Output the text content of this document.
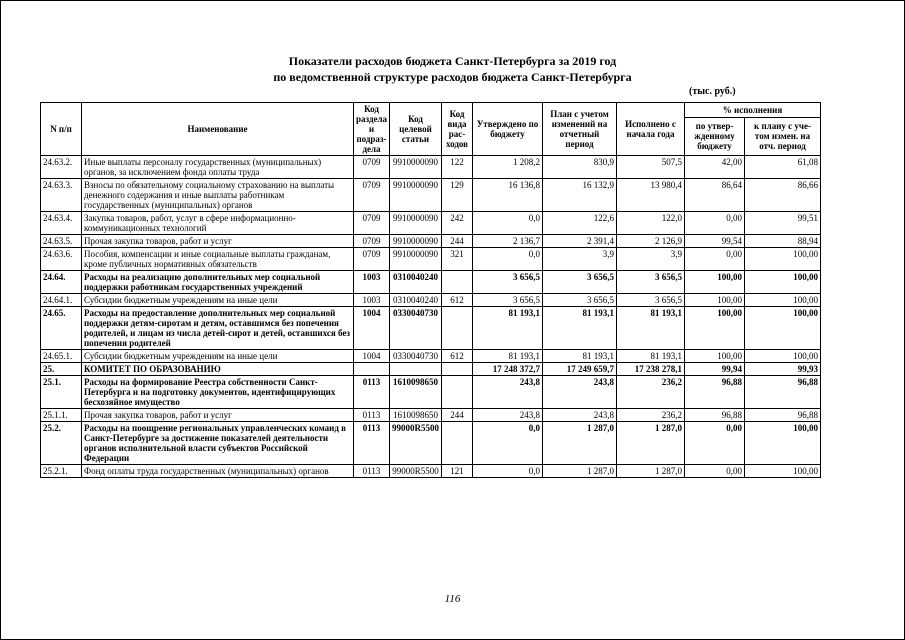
Показатели расходов бюджета Санкт-Петербурга за 2019 год
по ведомственной структуре расходов бюджета Санкт-Петербурга
(тыс. руб.)
N п/п	Наименование	Код раздела и подраз-дела	Код целевой статьи	Код вида рас-ходов	Утверждено по бюджету	План с учетом изменений на отчетный период	Исполнено с начала года	% исполнения	
								по утвер-жденному бюджету	к плану с уче-том измен. на отч. период
24.63.2.	Иные выплаты персоналу государственных (муниципальных) органов, за исключением фонда оплаты труда	0709	9910000090	122	1 208,2	830,9	507,5	42,00	61,08
24.63.3.	Взносы по обязательному социальному страхованию на выплаты денежного содержания и иные выплаты работникам государственных (муниципальных) органов	0709	9910000090	129	16 136,8	16 132,9	13 980,4	86,64	86,66
24.63.4.	Закупка товаров, работ, услуг в сфере информационно-коммуникационных технологий	0709	9910000090	242	0,0	122,6	122,0	0,00	99,51
24.63.5.	Прочая закупка товаров, работ и услуг	0709	9910000090	244	2 136,7	2 391,4	2 126,9	99,54	88,94
24.63.6.	Пособия, компенсации и иные социальные выплаты гражданам, кроме публичных нормативных обязательств	0709	9910000090	321	0,0	3,9	3,9	0,00	100,00
24.64.	Расходы на реализацию дополнительных мер социальной поддержки работникам государственных учреждений	1003	0310040240		3 656,5	3 656,5	3 656,5	100,00	100,00
24.64.1.	Субсидии бюджетным учреждениям на иные цели	1003	0310040240	612	3 656,5	3 656,5	3 656,5	100,00	100,00
24.65.	Расходы на предоставление дополнительных мер социальной поддержки детям-сиротам и детям, оставшимся без попечения родителей, и лицам из числа детей-сирот и детей, оставшихся без попечения родителей	1004	0330040730		81 193,1	81 193,1	81 193,1	100,00	100,00
24.65.1.	Субсидии бюджетным учреждениям на иные цели	1004	0330040730	612	81 193,1	81 193,1	81 193,1	100,00	100,00
25.	КОМИТЕТ ПО ОБРАЗОВАНИЮ				17 248 372,7	17 249 659,7	17 238 278,1	99,94	99,93
25.1.	Расходы на формирование Реестра собственности Санкт-Петербурга и на подготовку документов, идентифицирующих бесхозяйное имущество	0113	1610098650		243,8	243,8	236,2	96,88	96,88
25.1.1.	Прочая закупка товаров, работ и услуг	0113	1610098650	244	243,8	243,8	236,2	96,88	96,88
25.2.	Расходы на поощрение региональных управленческих команд в Санкт-Петербурге за достижение показателей деятельности органов исполнительной власти субъектов Российской Федерации	0113	99000R5500		0,0	1 287,0	1 287,0	0,00	100,00
25.2.1.	Фонд оплаты труда государственных (муниципальных) органов	0113	99000R5500	121	0,0	1 287,0	1 287,0	0,00	100,00
116
